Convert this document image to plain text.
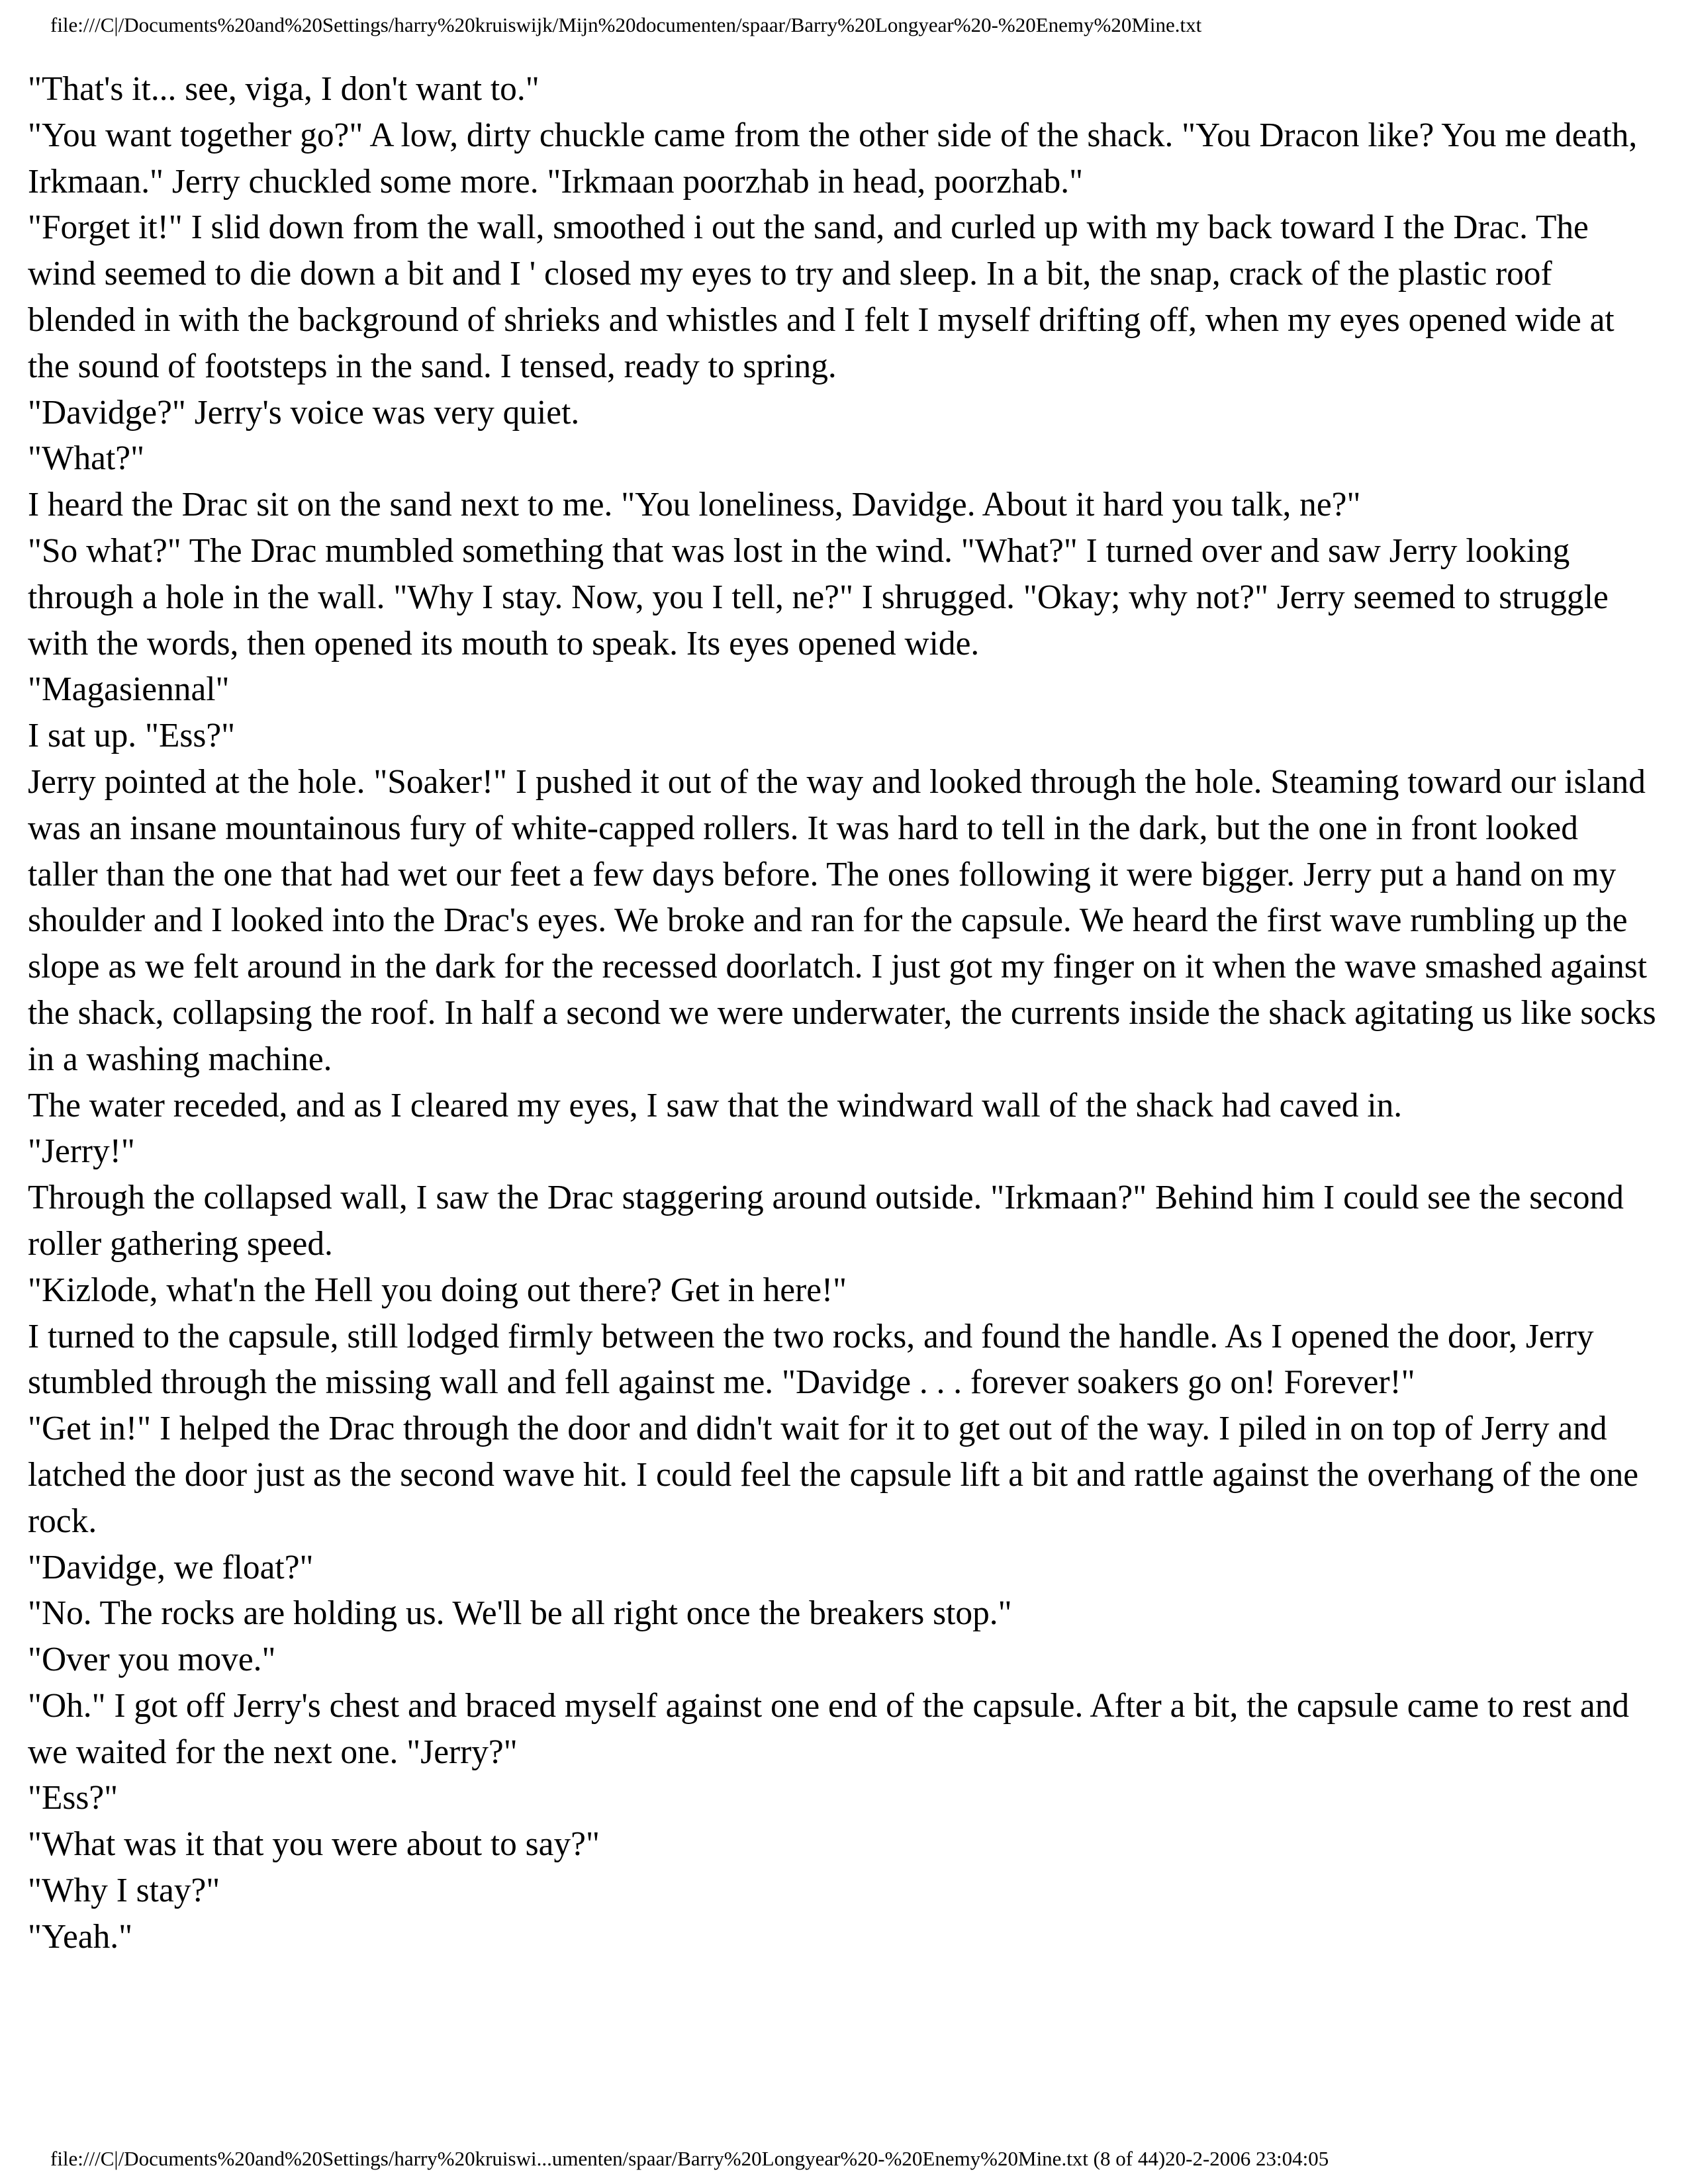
file:///C|/Documents%20and%20Settings/harry%20kruiswijk/Mijn%20documenten/spaar/Barry%20Longyear%20-%20Enemy%20Mine.txt

"That's it... see, viga, I don't want to."

"You want together go?" A low, dirty chuckle came from the other side of the shack. "You Dracon like? You me death, Irkmaan." Jerry chuckled some more. "Irkmaan poorzhab in head, poorzhab."

"Forget it!" I slid down from the wall, smoothed i out the sand, and curled up with my back toward I the Drac. The wind seemed to die down a bit and I ' closed my eyes to try and sleep. In a bit, the snap, crack of the plastic roof blended in with the background of shrieks and whistles and I felt I myself drifting off, when my eyes opened wide at the sound of footsteps in the sand. I tensed, ready to spring.

"Davidge?" Jerry's voice was very quiet.

"What?"

I heard the Drac sit on the sand next to me. "You loneliness, Davidge. About it hard you talk, ne?"

"So what?" The Drac mumbled something that was lost in the wind. "What?" I turned over and saw Jerry looking through a hole in the wall. "Why I stay. Now, you I tell, ne?" I shrugged. "Okay; why not?" Jerry seemed to struggle with the words, then opened its mouth to speak. Its eyes opened wide.

"Magasiennal"

I sat up. "Ess?"

Jerry pointed at the hole. "Soaker!" I pushed it out of the way and looked through the hole. Steaming toward our island was an insane mountainous fury of white-capped rollers. It was hard to tell in the dark, but the one in front looked taller than the one that had wet our feet a few days before. The ones following it were bigger. Jerry put a hand on my shoulder and I looked into the Drac's eyes. We broke and ran for the capsule. We heard the first wave rumbling up the slope as we felt around in the dark for the recessed doorlatch. I just got my finger on it when the wave smashed against the shack, collapsing the roof. In half a second we were underwater, the currents inside the shack agitating us like socks in a washing machine.

The water receded, and as I cleared my eyes, I saw that the windward wall of the shack had caved in.

"Jerry!"

Through the collapsed wall, I saw the Drac staggering around outside. "Irkmaan?" Behind him I could see the second roller gathering speed.

"Kizlode, what'n the Hell you doing out there? Get in here!"

I turned to the capsule, still lodged firmly between the two rocks, and found the handle. As I opened the door, Jerry stumbled through the missing wall and fell against me. "Davidge . . . forever soakers go on! Forever!"

"Get in!" I helped the Drac through the door and didn't wait for it to get out of the way. I piled in on top of Jerry and latched the door just as the second wave hit. I could feel the capsule lift a bit and rattle against the overhang of the one rock.

"Davidge, we float?"

"No. The rocks are holding us. We'll be all right once the breakers stop."

"Over you move."

"Oh." I got off Jerry's chest and braced myself against one end of the capsule. After a bit, the capsule came to rest and we waited for the next one. "Jerry?"

"Ess?"

"What was it that you were about to say?"

"Why I stay?"

"Yeah."

file:///C|/Documents%20and%20Settings/harry%20kruiswi...umenten/spaar/Barry%20Longyear%20-%20Enemy%20Mine.txt (8 of 44)20-2-2006 23:04:05
